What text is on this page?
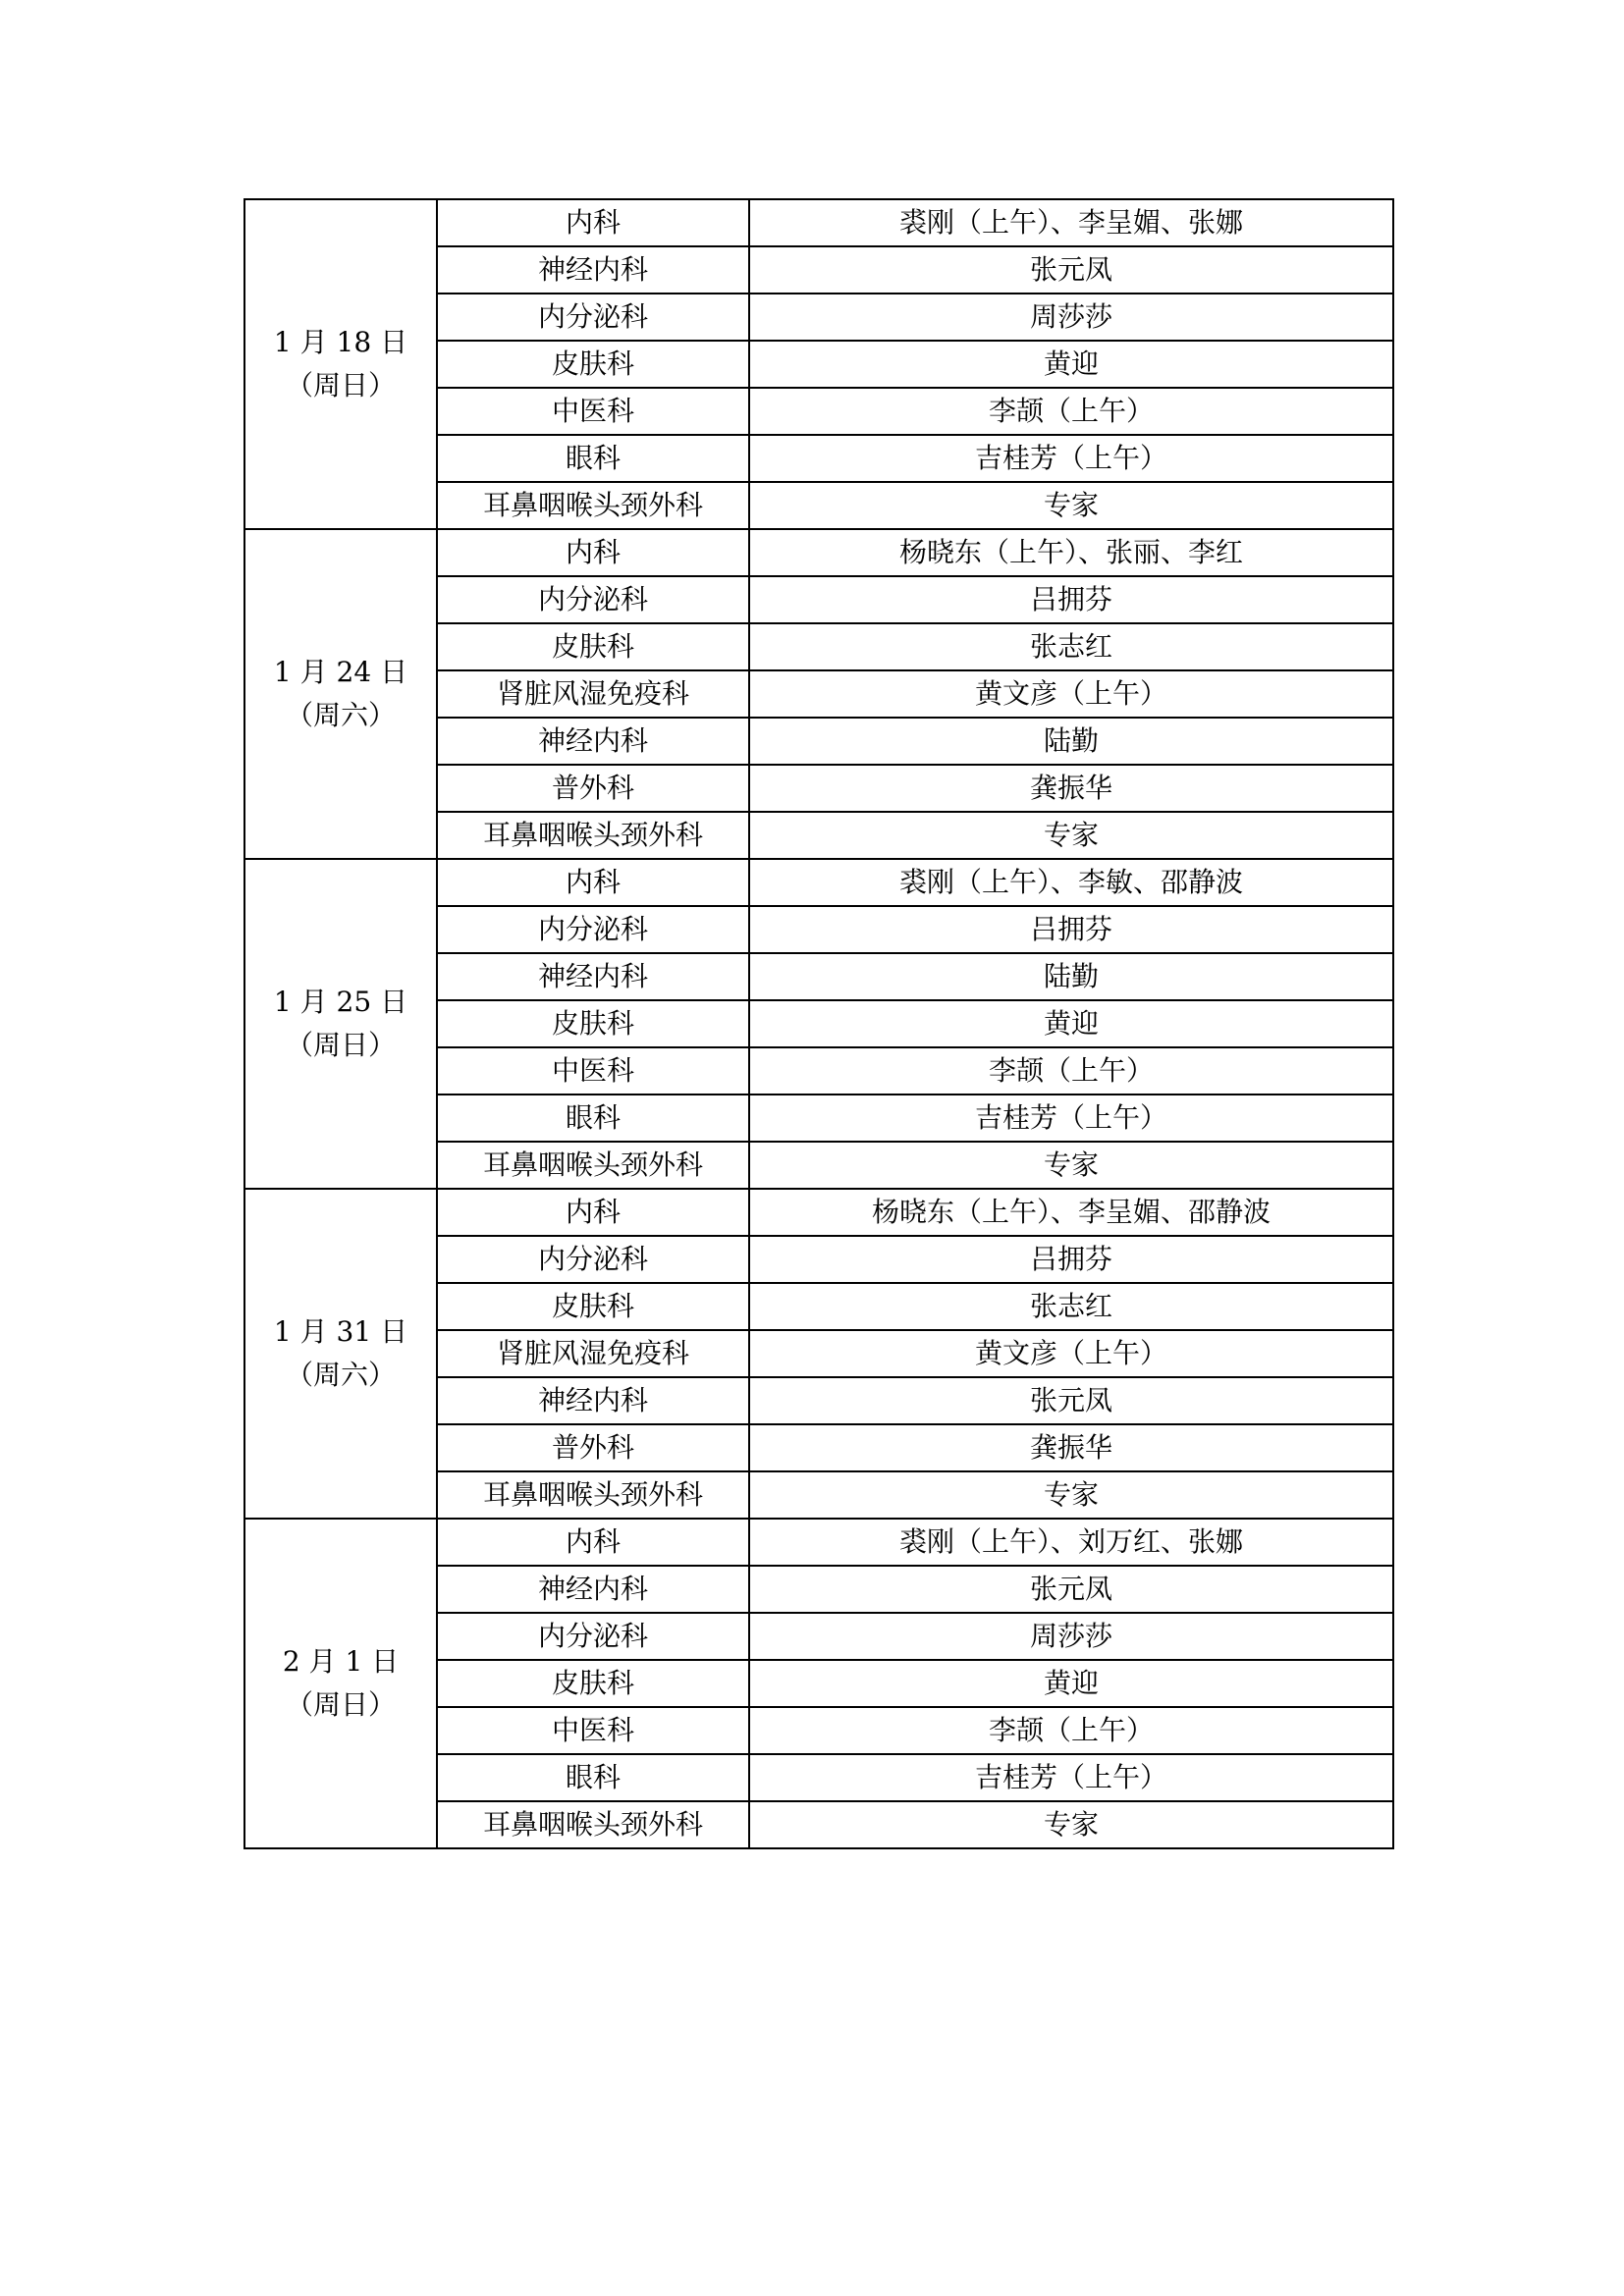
1 月 18 日
（周日）	内科	裘刚（上午）、李呈媚、张娜
	神经内科	张元凤
	内分泌科	周莎莎
	皮肤科	黄迎
	中医科	李颉（上午）
	眼科	吉桂芳（上午）
	耳鼻咽喉头颈外科	专家

1 月 24 日
（周六）	内科	杨晓东（上午）、张丽、李红
	内分泌科	吕拥芬
	皮肤科	张志红
	肾脏风湿免疫科	黄文彦（上午）
	神经内科	陆勤
	普外科	龚振华
	耳鼻咽喉头颈外科	专家

1 月 25 日
（周日）	内科	裘刚（上午）、李敏、邵静波
	内分泌科	吕拥芬
	神经内科	陆勤
	皮肤科	黄迎
	中医科	李颉（上午）
	眼科	吉桂芳（上午）
	耳鼻咽喉头颈外科	专家

1 月 31 日
（周六）	内科	杨晓东（上午）、李呈媚、邵静波
	内分泌科	吕拥芬
	皮肤科	张志红
	肾脏风湿免疫科	黄文彦（上午）
	神经内科	张元凤
	普外科	龚振华
	耳鼻咽喉头颈外科	专家

2 月 1 日
（周日）	内科	裘刚（上午）、刘万红、张娜
	神经内科	张元凤
	内分泌科	周莎莎
	皮肤科	黄迎
	中医科	李颉（上午）
	眼科	吉桂芳（上午）
	耳鼻咽喉头颈外科	专家
